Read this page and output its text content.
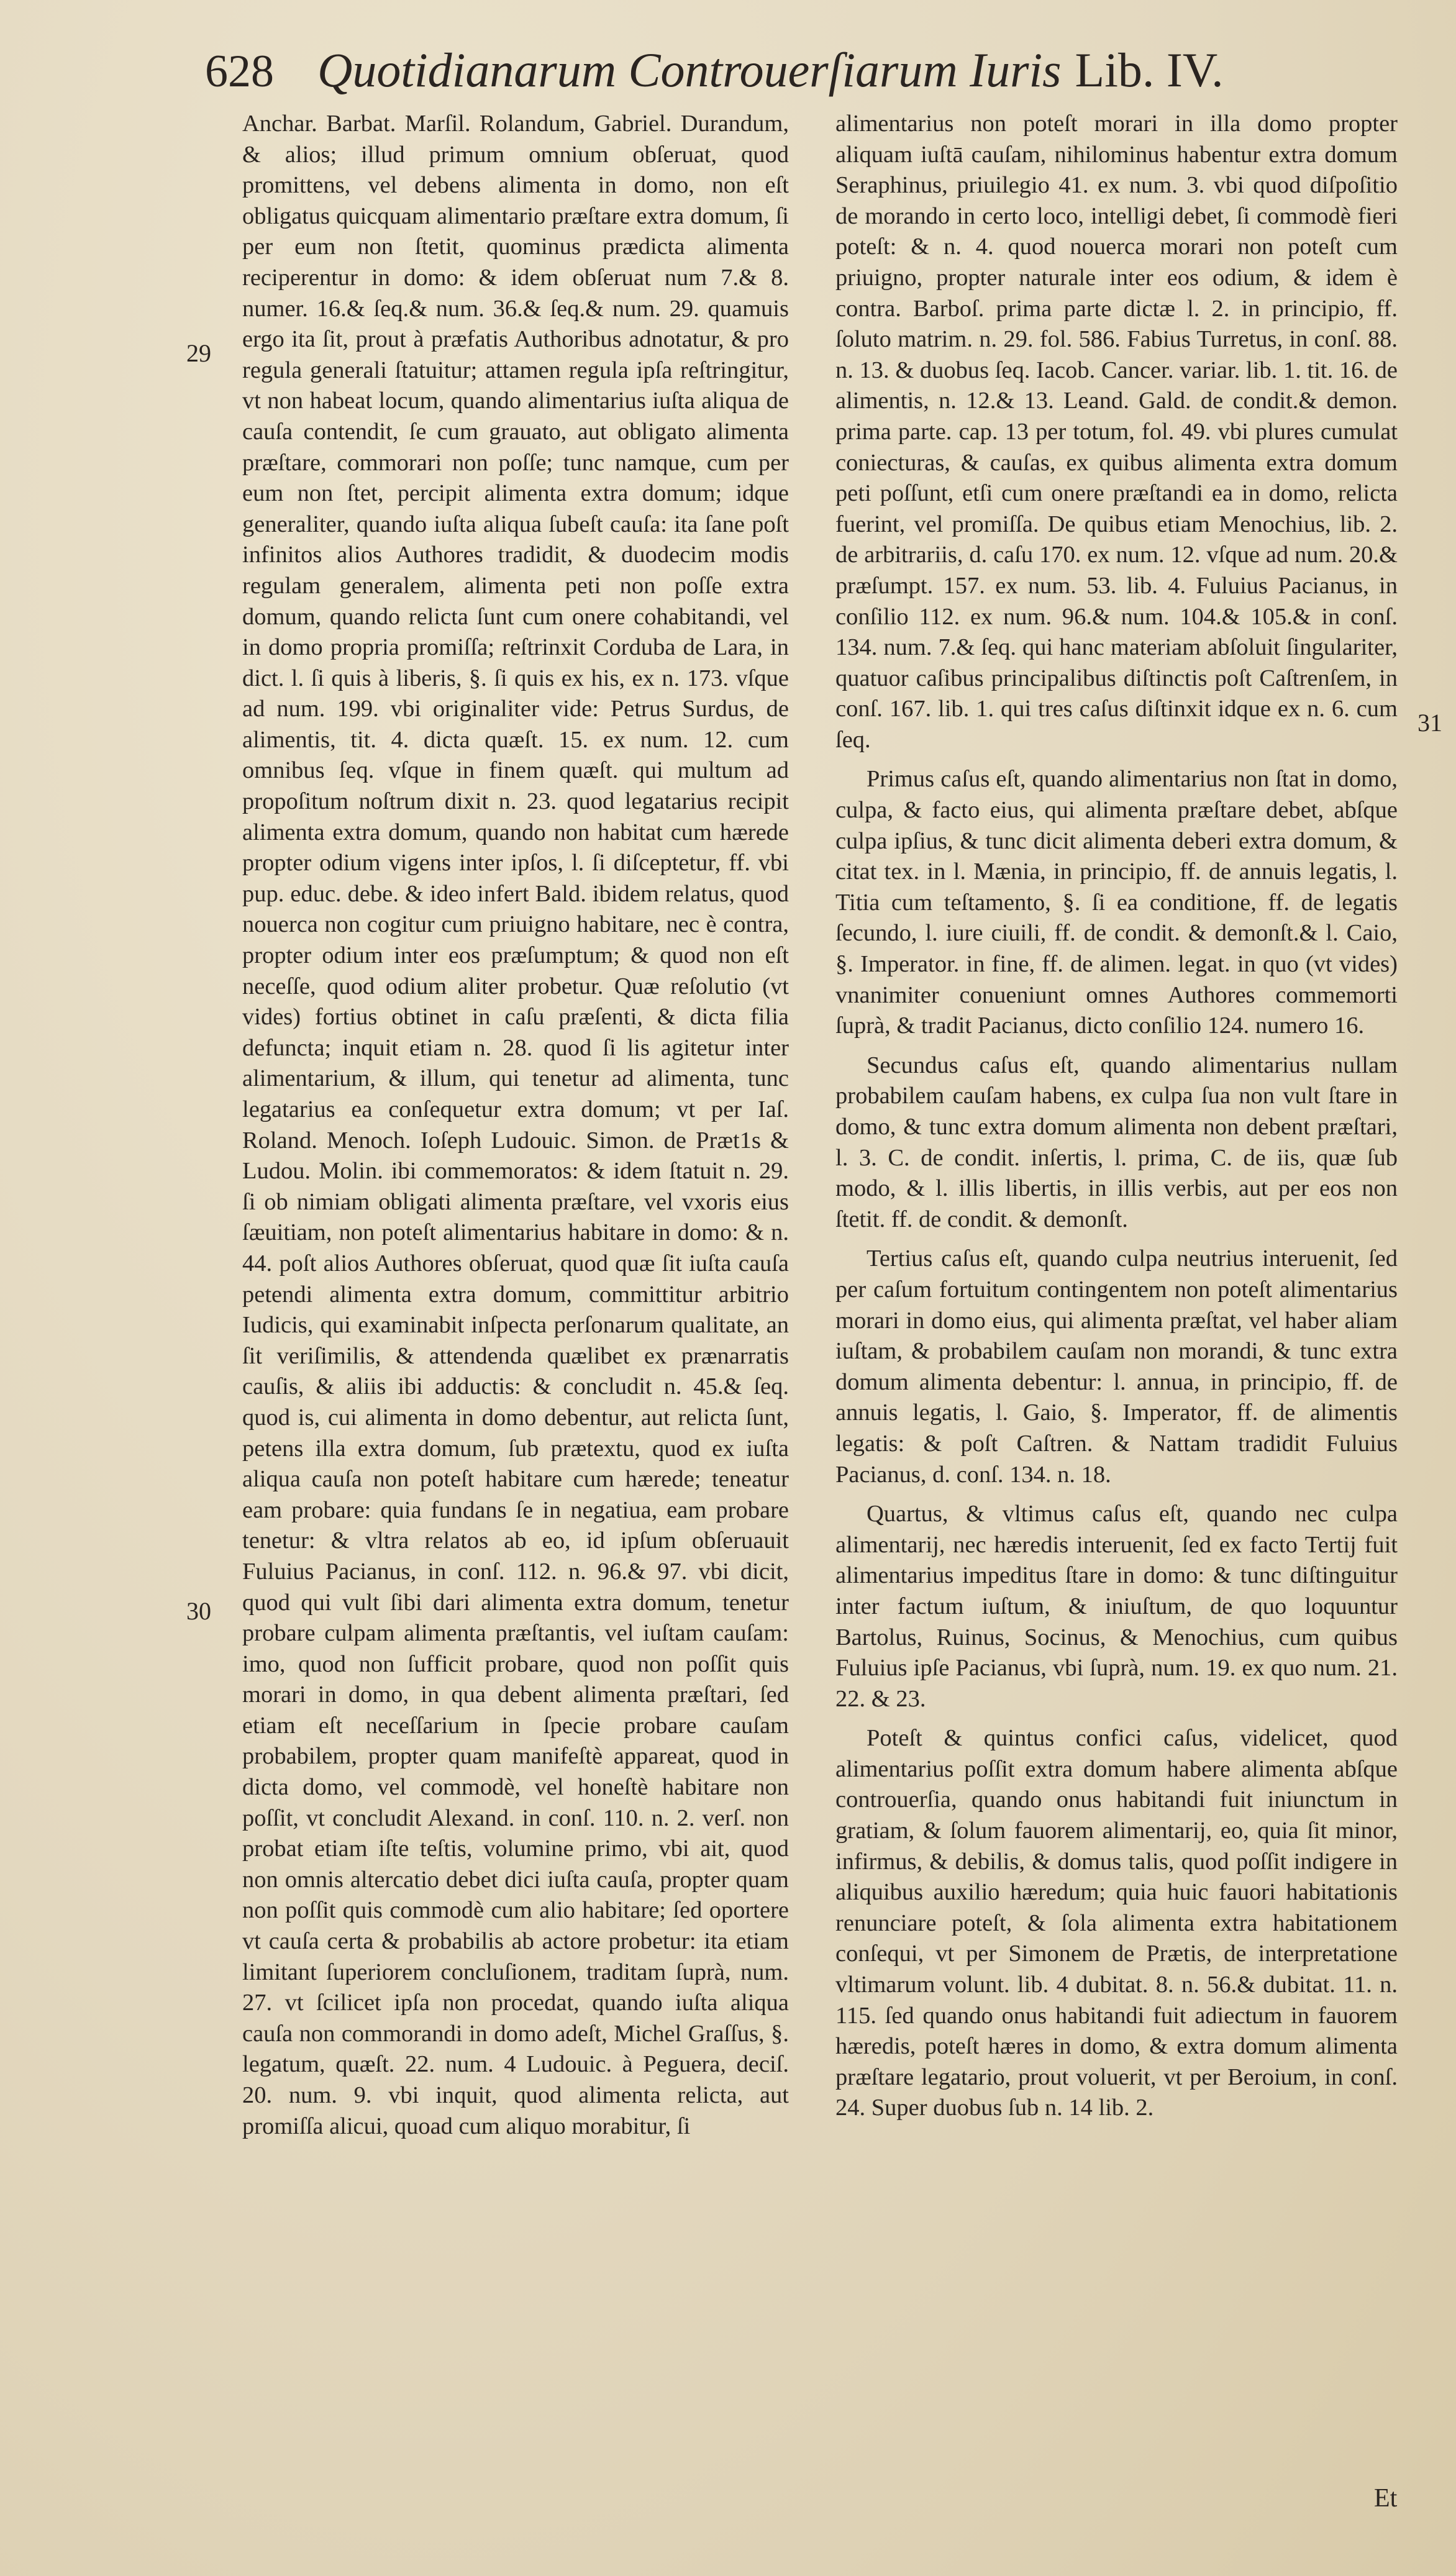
628 Quotidianarum Controuerſiarum Iuris Lib. IV.

Anchar. Barbat. Marſil. Rolandum, Gabriel. Durandum, & alios; illud primum omnium obſeruat, quod promittens, vel debens alimenta in domo, non eſt obligatus quicquam alimentario præſtare extra domum, ſi per eum non ſtetit, quominus prædicta alimenta reciperentur in domo: & idem obſeruat num 7.& 8. numer. 16.& ſeq.& num. 36.& ſeq.& num. 29. quamuis ergo ita ſit, prout à præfatis Authoribus adnotatur, & pro regula generali ſtatuitur; attamen regula ipſa reſtringitur, vt non habeat locum, quando alimentarius iuſta aliqua de cauſa contendit, ſe cum grauato, aut obligato alimenta præſtare, commorari non poſſe; tunc namque, cum per eum non ſtet, percipit alimenta extra domum; idque generaliter, quando iuſta aliqua ſubeſt cauſa: ita ſane poſt infinitos alios Authores tradidit, & duodecim modis regulam generalem, alimenta peti non poſſe extra domum, quando relicta ſunt cum onere cohabitandi, vel in domo propria promiſſa; reſtrinxit Corduba de Lara, in dict. l. ſi quis à liberis, §. ſi quis ex his, ex n. 173. vſque ad num. 199. vbi originaliter vide: Petrus Surdus, de alimentis, tit. 4. dicta quæſt. 15. ex num. 12. cum omnibus ſeq. vſque in finem quæſt. qui multum ad propoſitum noſtrum dixit n. 23. quod legatarius recipit alimenta extra domum, quando non habitat cum hærede propter odium vigens inter ipſos, l. ſi diſceptetur, ff. vbi pup. educ. debe. & ideo infert Bald. ibidem relatus, quod nouerca non cogitur cum priuigno habitare, nec è contra, propter odium inter eos præſumptum; & quod non eſt neceſſe, quod odium aliter probetur. Quæ reſolutio (vt vides) fortius obtinet in caſu præſenti, & dicta filia defuncta; inquit etiam n. 28. quod ſi lis agitetur inter alimentarium, & illum, qui tenetur ad alimenta, tunc legatarius ea conſequetur extra domum; vt per Iaſ. Roland. Menoch. Ioſeph Ludouic. Simon. de Præt1s & Ludou. Molin. ibi commemoratos: & idem ſtatuit n. 29. ſi ob nimiam obligati alimenta præſtare, vel vxoris eius ſæuitiam, non poteſt alimentarius habitare in domo: & n. 44. poſt alios Authores obſeruat, quod quæ ſit iuſta cauſa petendi alimenta extra domum, committitur arbitrio Iudicis, qui examinabit inſpecta perſonarum qualitate, an ſit veriſimilis, & attendenda quælibet ex prænarratis cauſis, & aliis ibi adductis: & concludit n. 45.& ſeq. quod is, cui alimenta in domo debentur, aut relicta ſunt, petens illa extra domum, ſub prætextu, quod ex iuſta aliqua cauſa non poteſt habitare cum hærede; teneatur eam probare: quia fundans ſe in negatiua, eam probare tenetur: & vltra relatos ab eo, id ipſum obſeruauit Fuluius Pacianus, in conſ. 112. n. 96.& 97. vbi dicit, quod qui vult ſibi dari alimenta extra domum, tenetur probare culpam alimenta præſtantis, vel iuſtam cauſam: imo, quod non ſufficit probare, quod non poſſit quis morari in domo, in qua debent alimenta præſtari, ſed etiam eſt neceſſarium in ſpecie probare cauſam probabilem, propter quam manifeſtè appareat, quod in dicta domo, vel commodè, vel honeſtè habitare non poſſit, vt concludit Alexand. in conſ. 110. n. 2. verſ. non probat etiam iſte teſtis, volumine primo, vbi ait, quod non omnis altercatio debet dici iuſta cauſa, propter quam non poſſit quis commodè cum alio habitare; ſed oportere vt cauſa certa & probabilis ab actore probetur: ita etiam limitant ſuperiorem concluſionem, traditam ſuprà, num. 27. vt ſcilicet ipſa non procedat, quando iuſta aliqua cauſa non commorandi in domo adeſt, Michel Graſſus, §. legatum, quæſt. 22. num. 4 Ludouic. à Peguera, deciſ. 20. num. 9. vbi inquit, quod alimenta relicta, aut promiſſa alicui, quoad cum aliquo morabitur, ſi

alimentarius non poteſt morari in illa domo propter aliquam iuſtā cauſam, nihilominus habentur extra domum Seraphinus, priuilegio 41. ex num. 3. vbi quod diſpoſitio de morando in certo loco, intelligi debet, ſi commodè fieri poteſt: & n. 4. quod nouerca morari non poteſt cum priuigno, propter naturale inter eos odium, & idem è contra. Barboſ. prima parte dictæ l. 2. in principio, ff. ſoluto matrim. n. 29. fol. 586. Fabius Turretus, in conſ. 88. n. 13. & duobus ſeq. Iacob. Cancer. variar. lib. 1. tit. 16. de alimentis, n. 12.& 13. Leand. Gald. de condit.& demon. prima parte. cap. 13 per totum, fol. 49. vbi plures cumulat coniecturas, & cauſas, ex quibus alimenta extra domum peti poſſunt, etſi cum onere præſtandi ea in domo, relicta fuerint, vel promiſſa. De quibus etiam Menochius, lib. 2. de arbitrariis, d. caſu 170. ex num. 12. vſque ad num. 20.& præſumpt. 157. ex num. 53. lib. 4. Fuluius Pacianus, in conſilio 112. ex num. 96.& num. 104.& 105.& in conſ. 134. num. 7.& ſeq. qui hanc materiam abſoluit ſingulariter, quatuor caſibus principalibus diſtinctis poſt Caſtrenſem, in conſ. 167. lib. 1. qui tres caſus diſtinxit idque ex n. 6. cum ſeq.

Primus caſus eſt, quando alimentarius non ſtat in domo, culpa, & facto eius, qui alimenta præſtare debet, abſque culpa ipſius, & tunc dicit alimenta deberi extra domum, & citat tex. in l. Mænia, in principio, ff. de annuis legatis, l. Titia cum teſtamento, §. ſi ea conditione, ff. de legatis ſecundo, l. iure ciuili, ff. de condit. & demonſt.& l. Caio, §. Imperator. in fine, ff. de alimen. legat. in quo (vt vides) vnanimiter conueniunt omnes Authores commemorti ſuprà, & tradit Pacianus, dicto conſilio 124. numero 16.

Secundus caſus eſt, quando alimentarius nullam probabilem cauſam habens, ex culpa ſua non vult ſtare in domo, & tunc extra domum alimenta non debent præſtari, l. 3. C. de condit. inſertis, l. prima, C. de iis, quæ ſub modo, & l. illis libertis, in illis verbis, aut per eos non ſtetit. ff. de condit. & demonſt.

Tertius caſus eſt, quando culpa neutrius interuenit, ſed per caſum fortuitum contingentem non poteſt alimentarius morari in domo eius, qui alimenta præſtat, vel haber aliam iuſtam, & probabilem cauſam non morandi, & tunc extra domum alimenta debentur: l. annua, in principio, ff. de annuis legatis, l. Gaio, §. Imperator, ff. de alimentis legatis: & poſt Caſtren. & Nattam tradidit Fuluius Pacianus, d. conſ. 134. n. 18.

Quartus, & vltimus caſus eſt, quando nec culpa alimentarij, nec hæredis interuenit, ſed ex facto Tertij fuit alimentarius impeditus ſtare in domo: & tunc diſtinguitur inter factum iuſtum, & iniuſtum, de quo loquuntur Bartolus, Ruinus, Socinus, & Menochius, cum quibus Fuluius ipſe Pacianus, vbi ſuprà, num. 19. ex quo num. 21. 22. & 23.

Poteſt & quintus confici caſus, videlicet, quod alimentarius poſſit extra domum habere alimenta abſque controuerſia, quando onus habitandi fuit iniunctum in gratiam, & ſolum fauorem alimentarij, eo, quia ſit minor, infirmus, & debilis, & domus talis, quod poſſit indigere in aliquibus auxilio hæredum; quia huic fauori habitationis renunciare poteſt, & ſola alimenta extra habitationem conſequi, vt per Simonem de Prætis, de interpretatione vltimarum volunt. lib. 4 dubitat. 8. n. 56.& dubitat. 11. n. 115. ſed quando onus habitandi fuit adiectum in fauorem hæredis, poteſt hæres in domo, & extra domum alimenta præſtare legatario, prout voluerit, vt per Beroium, in conſ. 24. Super duobus ſub n. 14 lib. 2.

29
30
31
Et
